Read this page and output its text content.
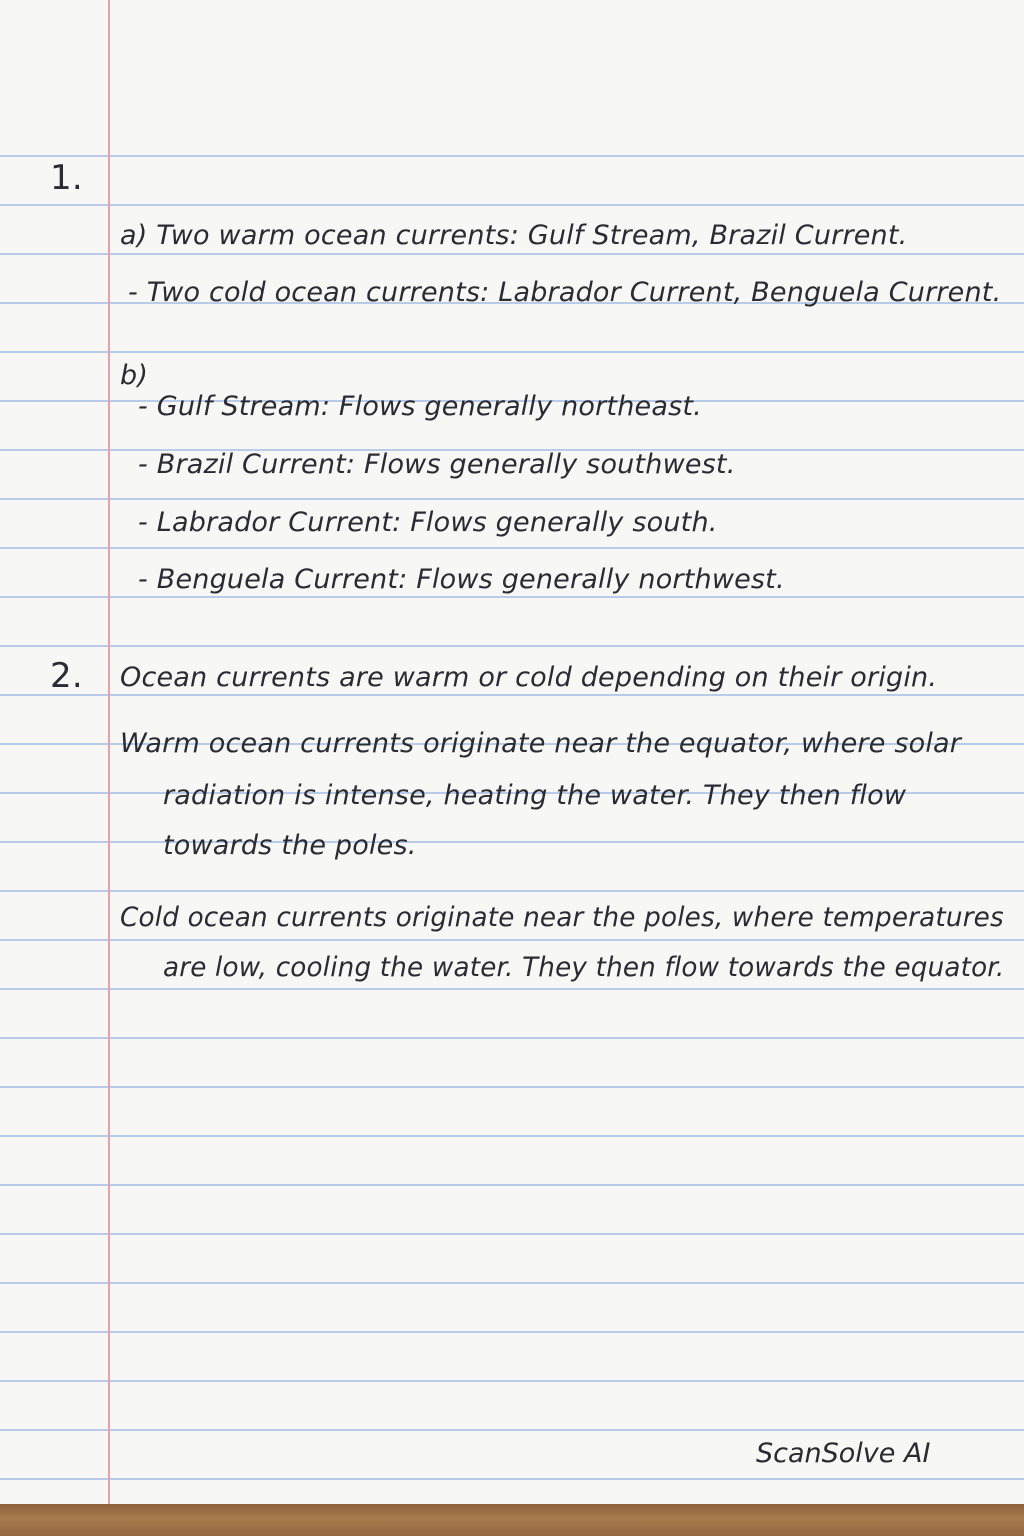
1.
a) Two warm ocean currents: Gulf Stream, Brazil Current.
- Two cold ocean currents: Labrador Current, Benguela Current.
b)
- Gulf Stream: Flows generally northeast.
- Brazil Current: Flows generally southwest.
- Labrador Current: Flows generally south.
- Benguela Current: Flows generally northwest.
2. Ocean currents are warm or cold depending on their origin.
Warm ocean currents originate near the equator, where solar
radiation is intense, heating the water. They then flow
towards the poles.
Cold ocean currents originate near the poles, where temperatures
are low, cooling the water. They then flow towards the equator.
ScanSolve AI
